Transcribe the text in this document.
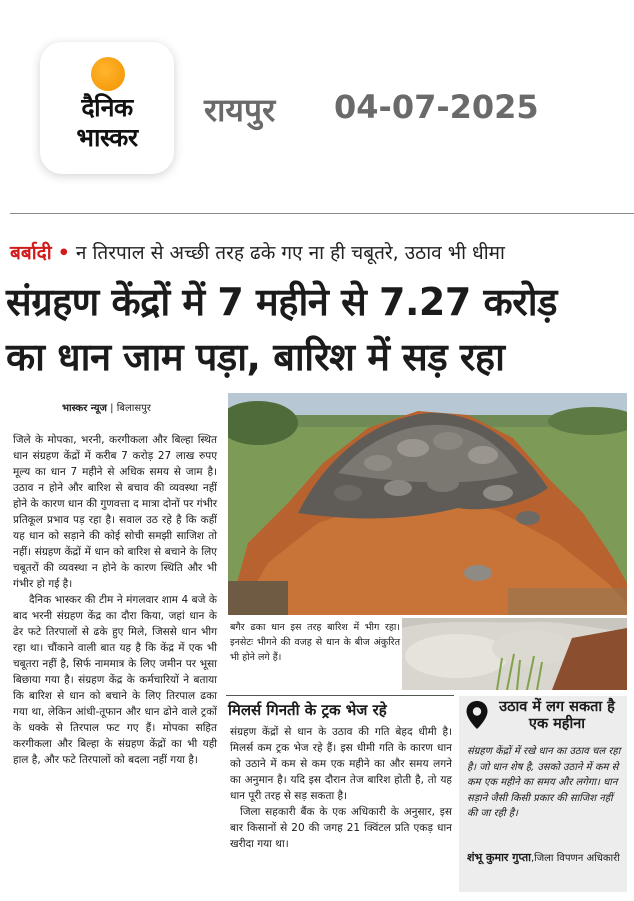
दैनिक
भास्कर
रायपुर 04-07-2025
बर्बादी • न तिरपाल से अच्छी तरह ढके गए ना ही चबूतरे, उठाव भी धीमा
संग्रहण केंद्रों में 7 महीने से 7.27 करोड़
का धान जाम पड़ा, बारिश में सड़ रहा
भास्कर न्यूज | बिलासपुर

जिले के मोपका, भरनी, करगीकला और बिल्हा स्थित धान संग्रहण केंद्रों में करीब 7 करोड़ 27 लाख रुपए मूल्य का धान 7 महीने से अधिक समय से जाम है। उठाव न होने और बारिश से बचाव की व्यवस्था नहीं होने के कारण धान की गुणवत्ता द मात्रा दोनों पर गंभीर प्रतिकूल प्रभाव पड़ रहा है। सवाल उठ रहे है कि कहीं यह धान को सड़ाने की कोई सोची समझी साजिश तो नहीं। संग्रहण केंद्रों में धान को बारिश से बचाने के लिए चबूतरों की व्यवस्था न होने के कारण स्थिति और भी गंभीर हो गई है।

दैनिक भास्कर की टीम ने मंगलवार शाम 4 बजे के बाद भरनी संग्रहण केंद्र का दौरा किया, जहां धान के ढेर फटे तिरपालों से ढके हुए मिले, जिससे धान भीग रहा था। चौंकाने वाली बात यह है कि केंद्र में एक भी चबूतरा नहीं है, सिर्फ नाममात्र के लिए जमीन पर भूसा बिछाया गया है। संग्रहण केंद्र के कर्मचारियों ने बताया कि बारिश से धान को बचाने के लिए तिरपाल ढका गया था, लेकिन आंधी-तूफान और धान ढोने वाले ट्रकों के धक्के से तिरपाल फट गए हैं। मोपका सहित करगीकला और बिल्हा के संग्रहण केंद्रों का भी यही हाल है, और फटे तिरपालों को बदला नहीं गया है।

बगैर ढका धान इस तरह बारिश में भीग रहा। इनसेटः भीगने की वजह से धान के बीज अंकुरित भी होने लगे हैं।
मिलर्स गिनती के ट्रक भेज रहे

संग्रहण केंद्रों से धान के उठाव की गति बेहद धीमी है। मिलर्स कम ट्रक भेज रहे हैं। इस धीमी गति के कारण धान को उठाने में कम से कम एक महीने का और समय लगने का अनुमान है। यदि इस दौरान तेज बारिश होती है, तो यह धान पूरी तरह से सड़ सकता है।

जिला सहकारी बैंक के एक अधिकारी के अनुसार, इस बार किसानों से 20 की जगह 21 क्विंटल प्रति एकड़ धान खरीदा गया था।

उठाव में लग सकता है एक महीना
संग्रहण केंद्रों में रखे धान का उठाव चल रहा है। जो धान शेष है, उसको उठाने में कम से कम एक महीने का समय और लगेगा। धान सड़ाने जैसी किसी प्रकार की साजिश नहीं की जा रही है।
शंभू कुमार गुप्ता,जिला विपणन अधिकारी
